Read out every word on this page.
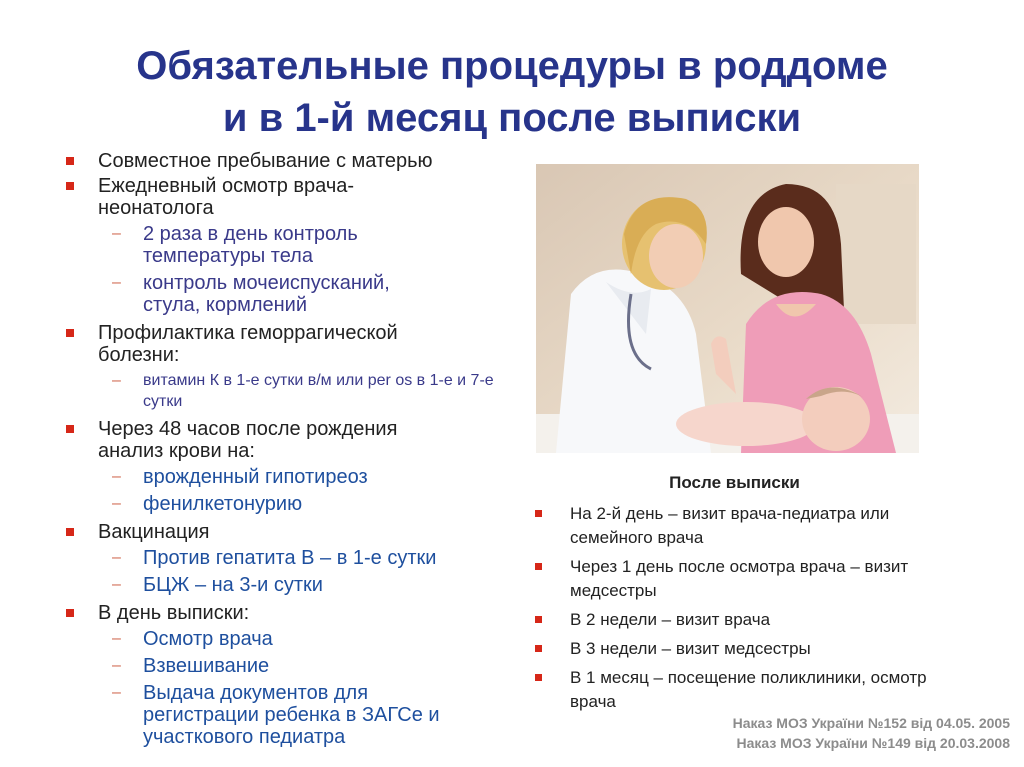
Обязательные процедуры в роддоме
и в 1-й месяц после выписки
Совместное пребывание с матерью
Ежедневный осмотр врача-неонатолога
– 2 раза в день контроль температуры тела
– контроль мочеиспусканий, стула, кормлений
Профилактика геморрагической болезни:
– витамин К в 1-е сутки в/м или per os в 1-е и 7-е сутки
Через 48 часов после рождения анализ крови на:
– врожденный гипотиреоз
– фенилкетонурию
Вакцинация
– Против гепатита В – в 1-е сутки
– БЦЖ – на 3-и сутки
В день выписки:
– Осмотр врача
– Взвешивание
– Выдача документов для регистрации ребенка в ЗАГСе и участкового педиатра
После выписки
На 2-й день – визит врача-педиатра или семейного врача
Через 1 день после осмотра врача – визит медсестры
В 2 недели – визит врача
В 3 недели – визит медсестры
В 1 месяц – посещение поликлиники, осмотр врача
Наказ МОЗ України №152 від 04.05. 2005
Наказ МОЗ України №149 від 20.03.2008
